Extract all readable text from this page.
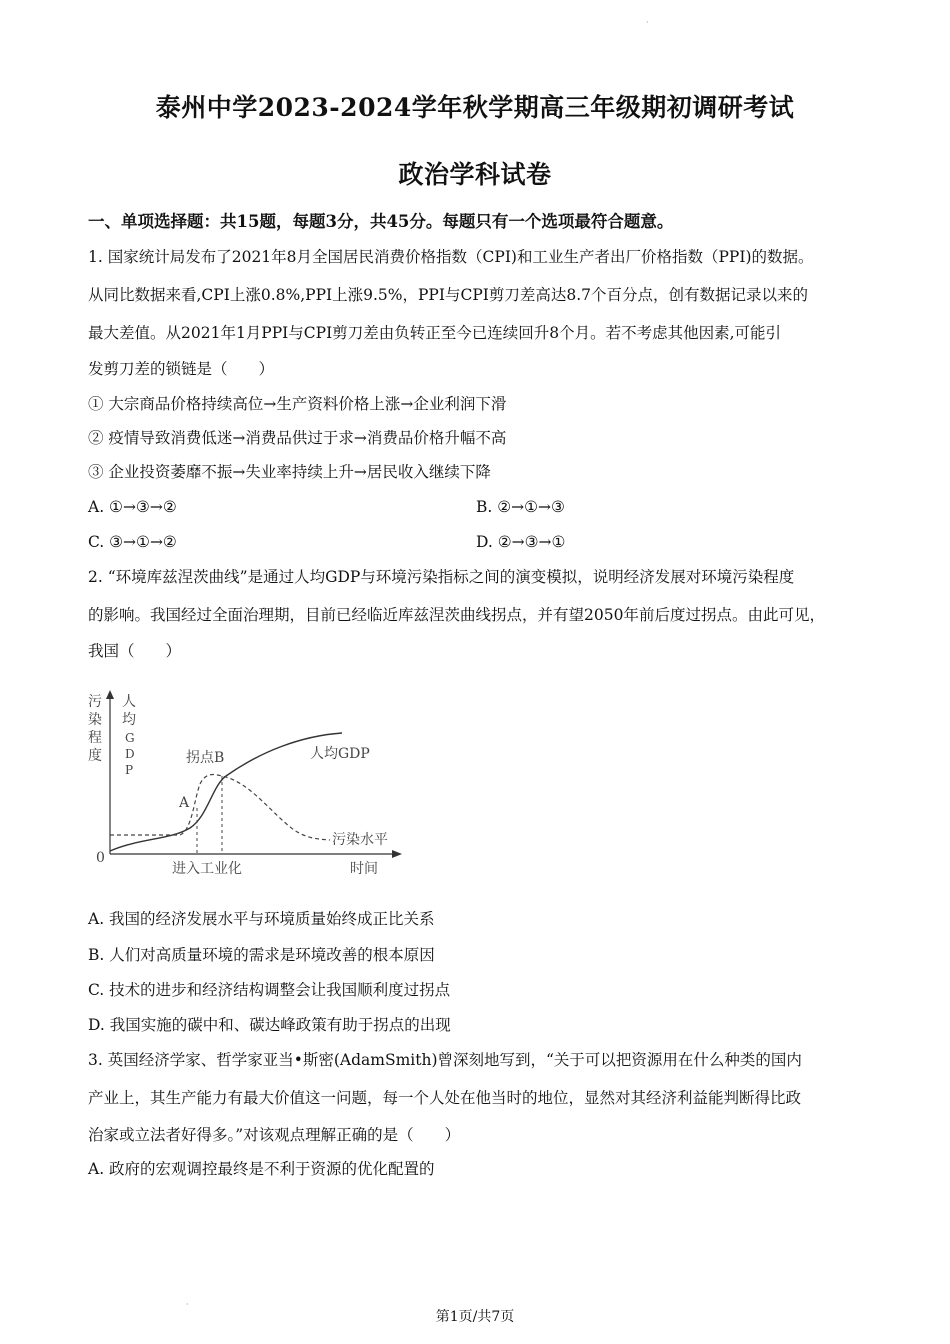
·
泰州中学2023-2024学年秋学期高三年级期初调研考试
政治学科试卷
一、单项选择题：共15题，每题3分，共45分。每题只有一个选项最符合题意。
1. 国家统计局发布了2021年8月全国居民消费价格指数（CPI)和工业生产者出厂价格指数（PPI)的数据。
从同比数据来看,CPI上涨0.8%,PPI上涨9.5%，PPI与CPI剪刀差高达8.7个百分点，创有数据记录以来的
最大差值。从2021年1月PPI与CPI剪刀差由负转正至今已连续回升8个月。若不考虑其他因素,可能引
发剪刀差的锁链是（　　）
① 大宗商品价格持续高位→生产资料价格上涨→企业利润下滑
② 疫情导致消费低迷→消费品供过于求→消费品价格升幅不高
③ 企业投资萎靡不振→失业率持续上升→居民收入继续下降
A. ①→③→②	B. ②→①→③
C. ③→①→②	D. ②→③→①
2. “环境库兹涅茨曲线”是通过人均GDP与环境污染指标之间的演变模拟，说明经济发展对环境污染程度
的影响。我国经过全面治理期，目前已经临近库兹涅茨曲线拐点，并有望2050年前后度过拐点。由此可见，
我国（　　）
污
染
程
度
人
均
G
D
P
拐点B	人均GDP
A
污染水平
0
进入工业化	时间
A. 我国的经济发展水平与环境质量始终成正比关系
B. 人们对高质量环境的需求是环境改善的根本原因
C. 技术的进步和经济结构调整会让我国顺利度过拐点
D. 我国实施的碳中和、碳达峰政策有助于拐点的出现
3. 英国经济学家、哲学家亚当•斯密(AdamSmith)曾深刻地写到，“关于可以把资源用在什么种类的国内
产业上，其生产能力有最大价值这一问题，每一个人处在他当时的地位，显然对其经济利益能判断得比政
治家或立法者好得多。”对该观点理解正确的是（　　）
A. 政府的宏观调控最终是不利于资源的优化配置的
·
第1页/共7页
